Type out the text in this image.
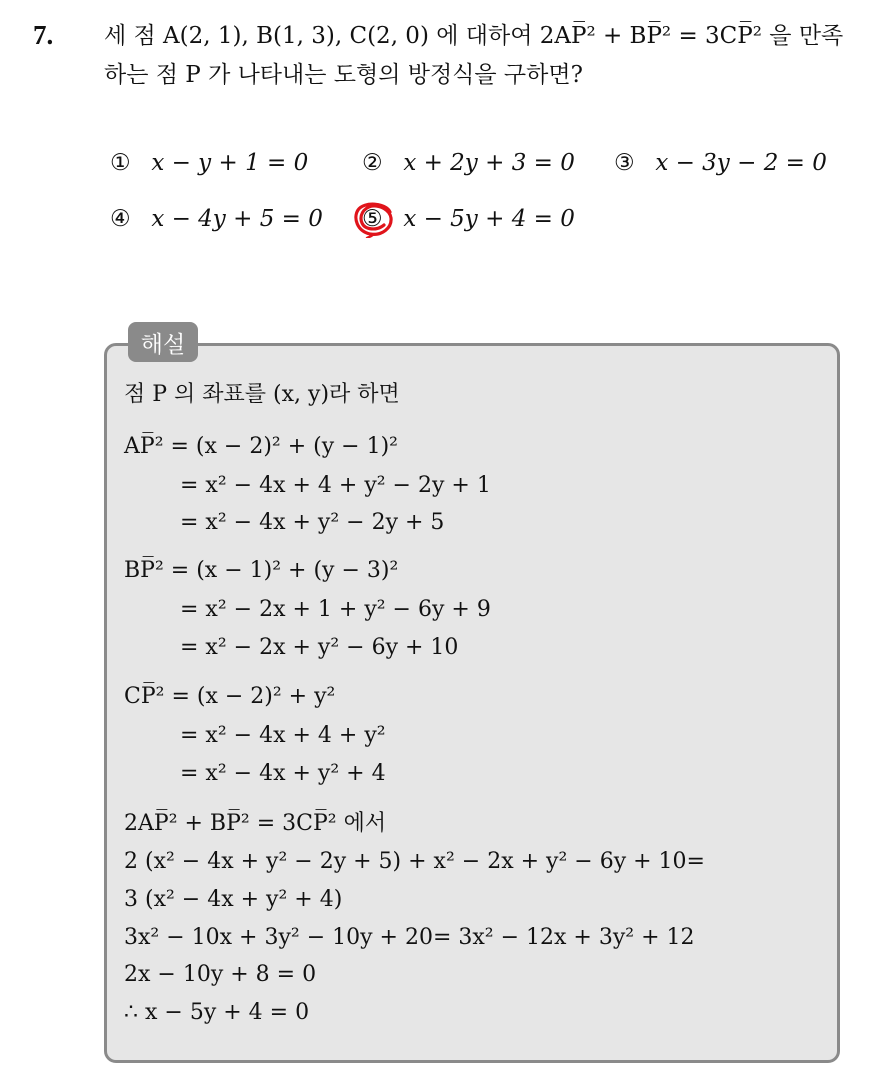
7. 세 점 A(2, 1), B(1, 3), C(2, 0) 에 대하여 2AP̅² + BP̅² = 3CP̅² 을 만족
하는 점 P 가 나타내는 도형의 방정식을 구하면?
① x − y + 1 = 0 ② x + 2y + 3 = 0 ③ x − 3y − 2 = 0
④ x − 4y + 5 = 0 ⑤ x − 5y + 4 = 0
해설
점 P 의 좌표를 (x, y)라 하면
AP̅² = (x − 2)² + (y − 1)²
= x² − 4x + 4 + y² − 2y + 1
= x² − 4x + y² − 2y + 5
BP̅² = (x − 1)² + (y − 3)²
= x² − 2x + 1 + y² − 6y + 9
= x² − 2x + y² − 6y + 10
CP̅² = (x − 2)² + y²
= x² − 4x + 4 + y²
= x² − 4x + y² + 4
2AP̅² + BP̅² = 3CP̅² 에서
2 (x² − 4x + y² − 2y + 5) + x² − 2x + y² − 6y + 10=
3 (x² − 4x + y² + 4)
3x² − 10x + 3y² − 10y + 20= 3x² − 12x + 3y² + 12
2x − 10y + 8 = 0
∴ x − 5y + 4 = 0
